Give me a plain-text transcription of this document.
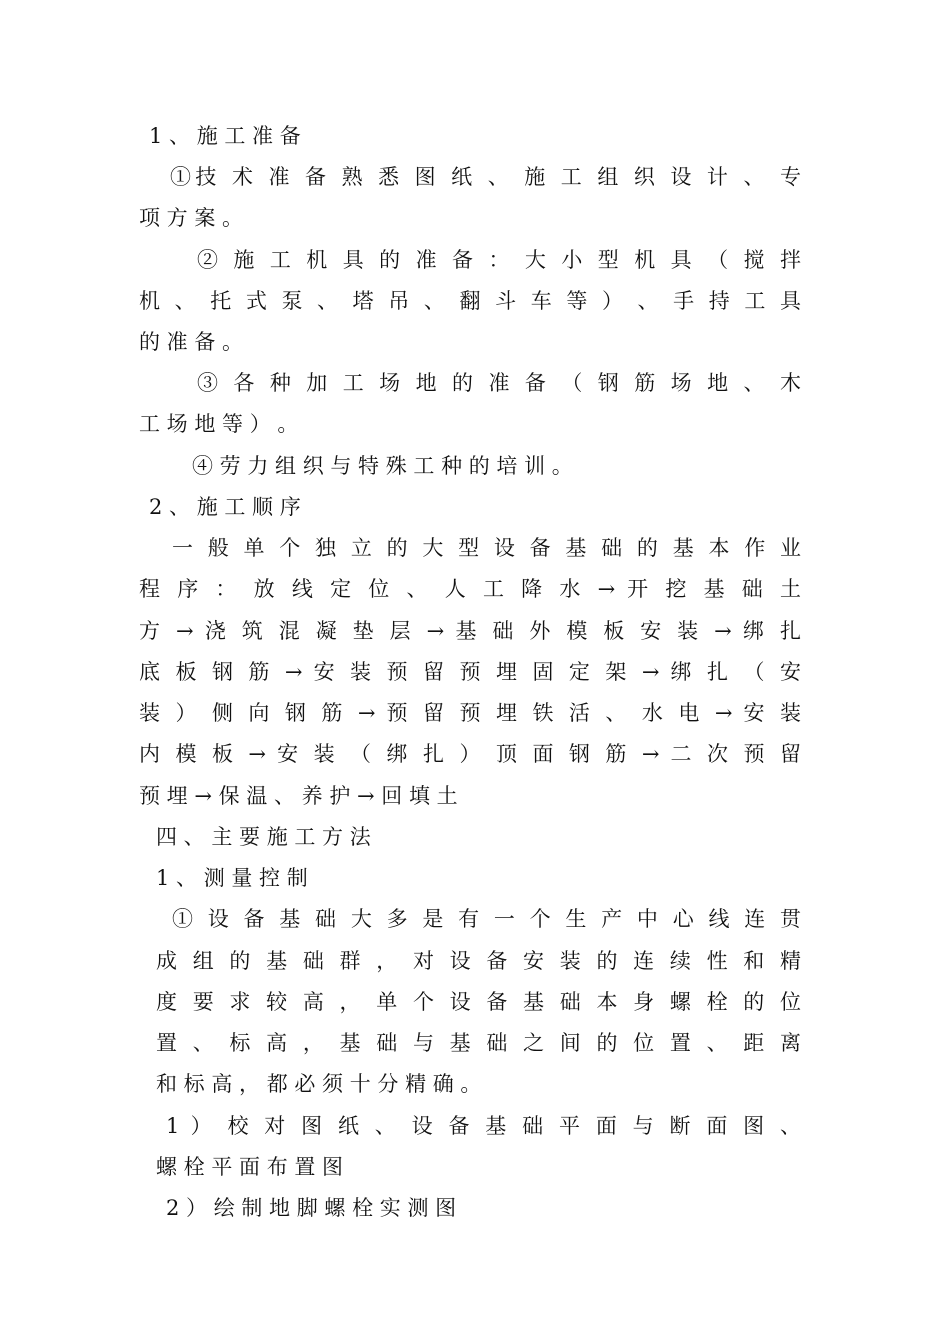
1 、 施 工 准 备
①技 术 准 备 熟 悉 图 纸 、 施 工 组 织 设 计 、 专
项 方 案 。
② 施 工 机 具 的 准 备 ： 大 小 型 机 具 （ 搅 拌
机 、 托 式 泵 、 塔 吊 、 翻 斗 车 等 ） 、 手 持 工 具
的 准 备 。
③ 各 种 加 工 场 地 的 准 备 （ 钢 筋 场 地 、 木
工 场 地 等 ） 。
④ 劳 力 组 织 与 特 殊 工 种 的 培 训 。
2 、 施 工 顺 序
一 般 单 个 独 立 的 大 型 设 备 基 础 的 基 本 作 业
程 序 ： 放 线 定 位 、 人 工 降 水 → 开 挖 基 础 土
方 → 浇 筑 混 凝 垫 层 → 基 础 外 模 板 安 装 → 绑 扎
底 板 钢 筋 → 安 装 预 留 预 埋 固 定 架 → 绑 扎 （ 安
装 ） 侧 向 钢 筋 → 预 留 预 埋 铁 活 、 水 电 → 安 装
内 模 板 → 安 装 （ 绑 扎 ） 顶 面 钢 筋 → 二 次 预 留
预 埋 → 保 温 、 养 护 → 回 填 土
四 、 主 要 施 工 方 法
1 、 测 量 控 制
① 设 备 基 础 大 多 是 有 一 个 生 产 中 心 线 连 贯
成 组 的 基 础 群 ， 对 设 备 安 装 的 连 续 性 和 精
度 要 求 较 高 ， 单 个 设 备 基 础 本 身 螺 栓 的 位
置 、 标 高 ， 基 础 与 基 础 之 间 的 位 置 、 距 离
和 标 高 ， 都 必 须 十 分 精 确 。
1 ） 校 对 图 纸 、 设 备 基 础 平 面 与 断 面 图 、
螺 栓 平 面 布 置 图
2 ） 绘 制 地 脚 螺 栓 实 测 图
